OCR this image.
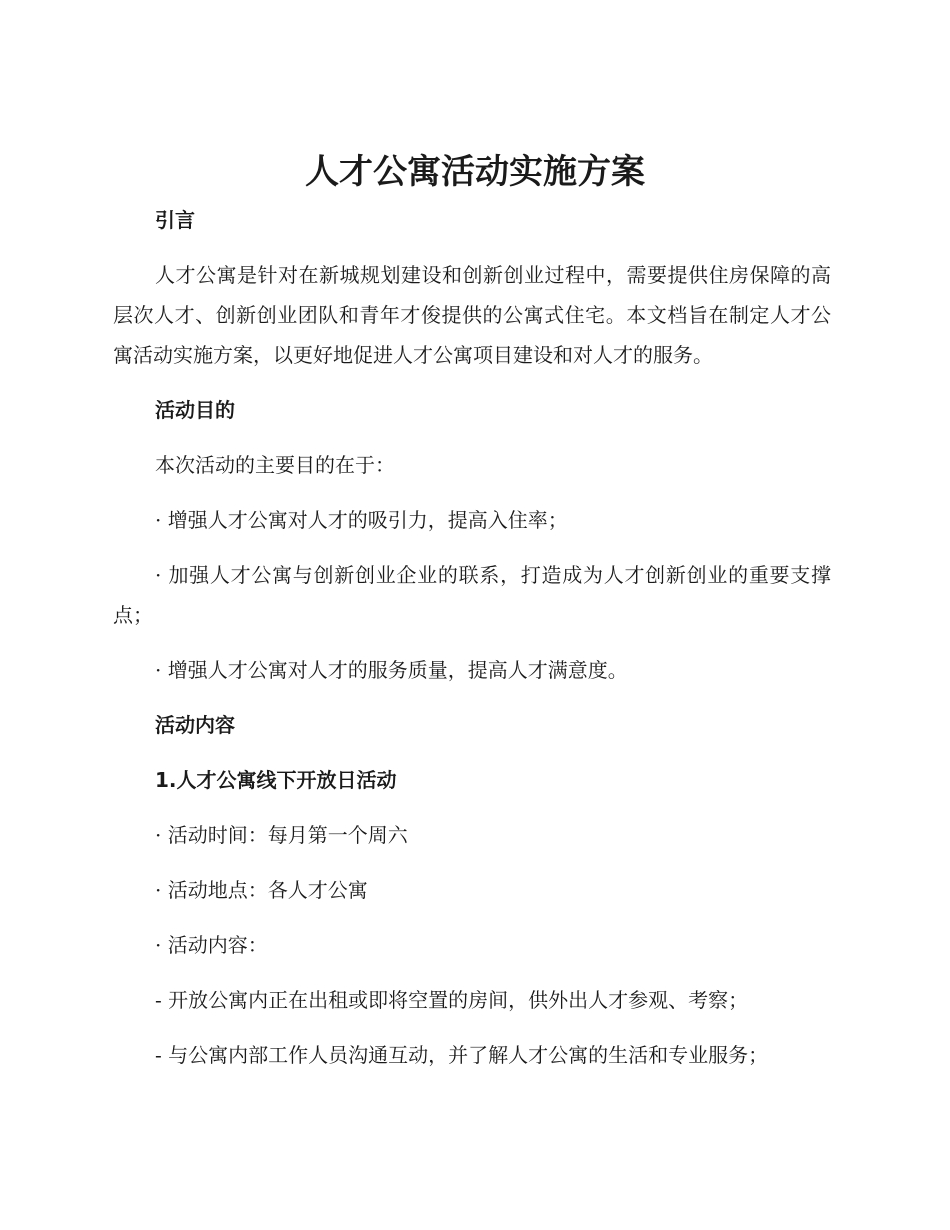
人才公寓活动实施方案
引言

人才公寓是针对在新城规划建设和创新创业过程中，需要提供住房保障的高层次人才、创新创业团队和青年才俊提供的公寓式住宅。本文档旨在制定人才公寓活动实施方案，以更好地促进人才公寓项目建设和对人才的服务。

活动目的

本次活动的主要目的在于：

· 增强人才公寓对人才的吸引力，提高入住率；

· 加强人才公寓与创新创业企业的联系，打造成为人才创新创业的重要支撑点；

· 增强人才公寓对人才的服务质量，提高人才满意度。

活动内容
1.人才公寓线下开放日活动

· 活动时间：每月第一个周六

· 活动地点：各人才公寓

· 活动内容：

- 开放公寓内正在出租或即将空置的房间，供外出人才参观、考察；

- 与公寓内部工作人员沟通互动，并了解人才公寓的生活和专业服务；
